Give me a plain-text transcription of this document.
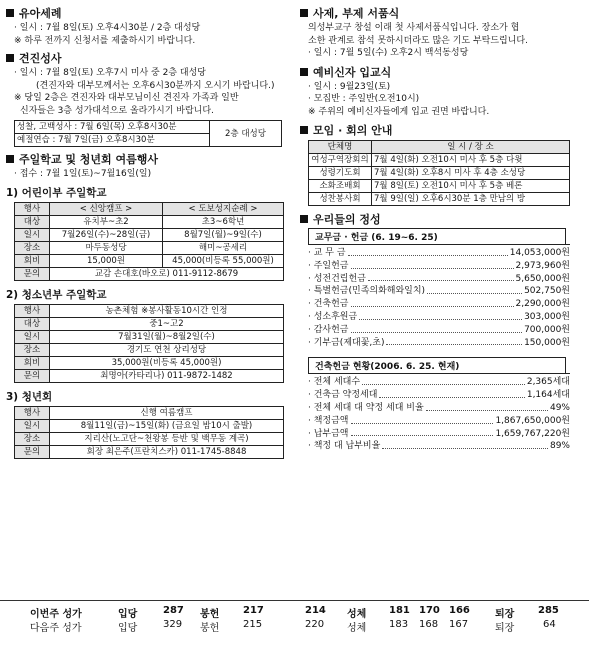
유아세례
· 일시 : 7월 8일(토) 오후4시30분 / 2층 대성당
※ 하루 전까지 신청서를 제출하시기 바랍니다.
견진성사
· 일시 : 7월 8일(토) 오후7시 미사 중 2층 대성당
(견진자와 대부모께서는 오후6시30분까지 오시기 바랍니다.)
※ 당일 2층은 견진자와 대부모님이신 견진자 가족과 일반
신자들은 3층 성가대석으로 올라가시기 바랍니다.
성찰, 고백성사 : 7월 6일(목) 오후8시30분	2층 대성당
예절연습 : 7월 7일(금) 오후8시30분
주일학교 및 청년회 여름행사
· 접수 : 7월 1일(토)~7월16일(일)
1) 어린이부 주일학교
행사	< 신앙캠프 >	< 도보성지순례 >
대상	유치부~초2	초3~6학년
일시	7월26일(수)~28일(금)	8월7일(월)~9일(수)
장소	마두동성당	해미~공세리
회비	15,000원	45,000(비등록 55,000원)
문의	교감 손대호(바오로) 011-9112-8679	
2) 청소년부 주일학교
행사	농촌체험 ※봉사활동10시간 인정
대상	중1~고2
일시	7월31일(월)~8월2일(수)
장소	경기도 연천 상리성당
회비	35,000원(비등록 45,000원)
문의	최명아(카타리나) 011-9872-1482
3) 청년회
행사	신행 여름캠프
일시	8월11일(금)~15일(화) (금요일 밤10시 출발)
장소	지리산(노고단~천왕봉 등반 및 백무동 계곡)
문의	회장 최은주(프란치스카) 011-1745-8848
사제, 부제 서품식
의성부교구 창설 이래 첫 사제서품식입니다. 장소가 협
소한 관계로 참석 못하시더라도 많은 기도 부탁드립니다.
· 일시 : 7월 5일(수) 오후2시 백석동성당
예비신자 입교식
· 일시 : 9월23일(토)
· 모집반 : 주일반(오전10시)
※ 주위의 예비신자들에게 입교 권면 바랍니다.
모임 · 회의 안내
단체명	일 시 / 장 소
여성구역장회의	7월 4일(화) 오전10시 미사 후 5층 다윗
성령기도회	7월 4일(화) 오후8시 미사 후 4층 소성당
소화조배회	7월 8일(토) 오전10시 미사 후 5층 베론
성찬봉사회	7월 9일(일) 오후6시30분 1층 만남의 방
우리들의 정성
교무금 · 헌금 (6. 19~6. 25)
· 교 무 금	14,053,000원
· 주일헌금	2,973,960원
· 성전건립헌금	5,650,000원
· 특별헌금(민족의화해와일치)	502,750원
· 건축헌금	2,290,000원
· 성소후원금	303,000원
· 감사헌금	700,000원
· 기부금(제대꽃,초)	150,000원
건축헌금 현황(2006. 6. 25. 현재)
· 전체 세대수	2,365세대
· 건축금 약정세대	1,164세대
· 전체 세대 대 약정 세대 비율	49%
· 책정금액	1,867,650,000원
· 납부금액	1,659,767,220원
· 책정 대 납부비율	89%
이번주 성가	입당	287 봉헌 217	214 성체 181 170 166	퇴장 285
다음주 성가	입당	329 봉헌 215	220 성체 183 168 167	퇴장	64
